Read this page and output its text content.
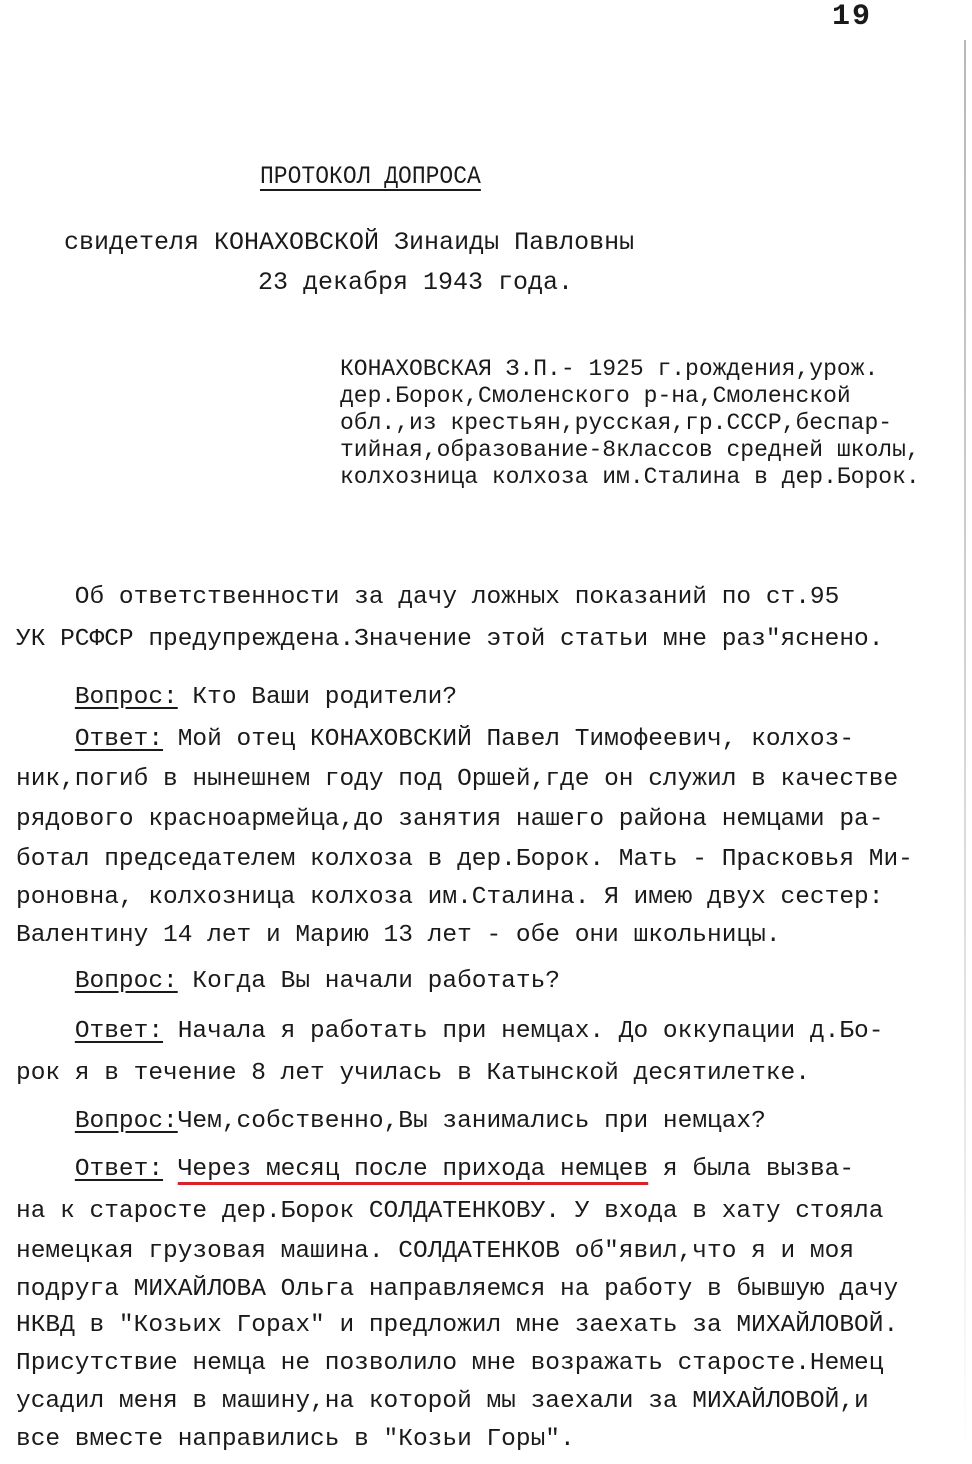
19
ПРОТОКОЛ ДОПРОСА
свидетеля КОНАХОВСКОЙ Зинаиды Павловны
23 декабря 1943 года.
КОНАХОВСКАЯ З.П.- 1925 г.рождения,урож.
дер.Борок,Смоленского р-на,Смоленской
обл.,из крестьян,русская,гр.СССР,беспар-
тийная,образование-8классов средней школы,
колхозница колхоза им.Сталина в дер.Борок.
Об ответственности за дачу ложных показаний по ст.95
УК РСФСР предупреждена.Значение этой статьи мне раз"яснено.
Вопрос: Кто Ваши родители?
Ответ: Мой отец КОНАХОВСКИЙ Павел Тимофеевич, колхоз-
ник,погиб в нынешнем году под Оршей,где он служил в качестве
рядового красноармейца,до занятия нашего района немцами ра-
ботал председателем колхоза в дер.Борок. Мать - Прасковья Ми-
роновна, колхозница колхоза им.Сталина. Я имею двух сестер:
Валентину 14 лет и Марию 13 лет - обе они школьницы.
Вопрос: Когда Вы начали работать?
Ответ: Начала я работать при немцах. До оккупации д.Бо-
рок я в течение 8 лет училась в Катынской десятилетке.
Вопрос:Чем,собственно,Вы занимались при немцах?
Ответ: Через месяц после прихода немцев я была вызва-
на к старосте дер.Борок СОЛДАТЕНКОВУ. У входа в хату стояла
немецкая грузовая машина. СОЛДАТЕНКОВ об"явил,что я и моя
подруга МИХАЙЛОВА Ольга направляемся на работу в бывшую дачу
НКВД в "Козьих Горах" и предложил мне заехать за МИХАЙЛОВОЙ.
Присутствие немца не позволило мне возражать старосте.Немец
усадил меня в машину,на которой мы заехали за МИХАЙЛОВОЙ,и
все вместе направились в "Козьи Горы".
